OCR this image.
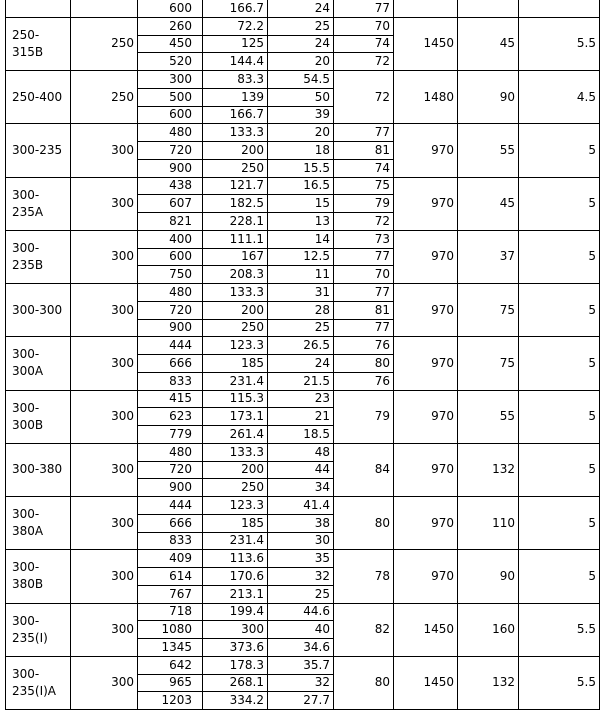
		600	166.7	24	77			
250-315B	250	260	72.2	25	70	1450	45	5.5
		450	125	24	74			
		520	144.4	20	72			
250-400	250	300	83.3	54.5	72	1480	90	4.5
		500	139	50				
		600	166.7	39				
300-235	300	480	133.3	20	77	970	55	5
		720	200	18	81			
		900	250	15.5	74			
300-235A	300	438	121.7	16.5	75	970	45	5
		607	182.5	15	79			
		821	228.1	13	72			
300-235B	300	400	111.1	14	73	970	37	5
		600	167	12.5	77			
		750	208.3	11	70			
300-300	300	480	133.3	31	77	970	75	5
		720	200	28	81			
		900	250	25	77			
300-300A	300	444	123.3	26.5	76	970	75	5
		666	185	24	80			
		833	231.4	21.5	76			
300-300B	300	415	115.3	23	79	970	55	5
		623	173.1	21				
		779	261.4	18.5				
300-380	300	480	133.3	48	84	970	132	5
		720	200	44				
		900	250	34				
300-380A	300	444	123.3	41.4	80	970	110	5
		666	185	38				
		833	231.4	30				
300-380B	300	409	113.6	35	78	970	90	5
		614	170.6	32				
		767	213.1	25				
300-235(I)	300	718	199.4	44.6	82	1450	160	5.5
		1080	300	40				
		1345	373.6	34.6				
300-235(I)A	300	642	178.3	35.7	80	1450	132	5.5
		965	268.1	32				
		1203	334.2	27.7				
